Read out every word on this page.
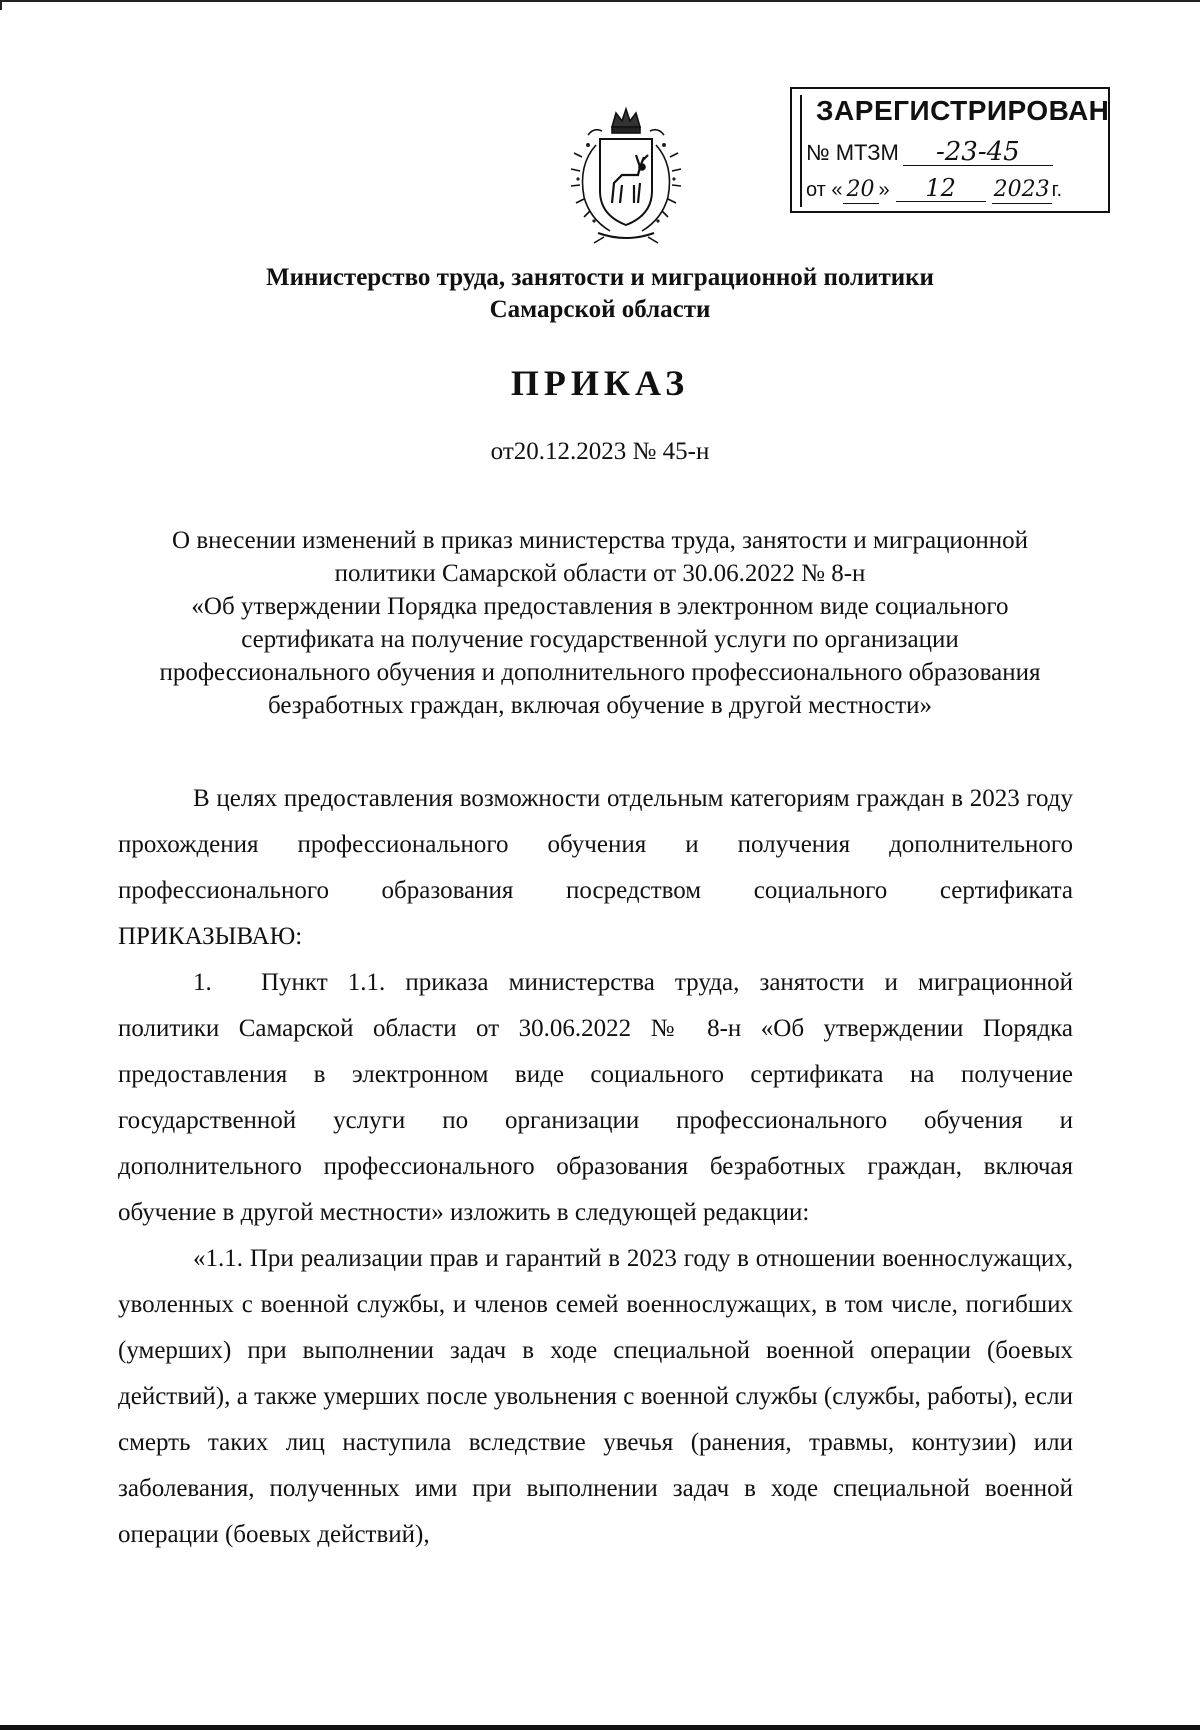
ЗАРЕГИСТРИРОВАН
№ МТЗМ -23-45
от « 20 » 12 2023 г.
Министерство труда, занятости и миграционной политики
Самарской области
ПРИКАЗ
от20.12.2023 № 45-н
О внесении изменений в приказ министерства труда, занятости и миграционной
политики Самарской области от 30.06.2022 № 8-н
«Об утверждении Порядка предоставления в электронном виде социального
сертификата на получение государственной услуги по организации
профессионального обучения и дополнительного профессионального образования
безработных граждан, включая обучение в другой местности»

В целях предоставления возможности отдельным категориям граждан в 2023 году прохождения профессионального обучения и получения дополнительного профессионального образования посредством социального сертификата ПРИКАЗЫВАЮ:

1. Пункт 1.1. приказа министерства труда, занятости и миграционной политики Самарской области от 30.06.2022 № 8-н «Об утверждении Порядка предоставления в электронном виде социального сертификата на получение государственной услуги по организации профессионального обучения и дополнительного профессионального образования безработных граждан, включая обучение в другой местности» изложить в следующей редакции:

«1.1. При реализации прав и гарантий в 2023 году в отношении военнослужащих, уволенных с военной службы, и членов семей военнослужащих, в том числе, погибших (умерших) при выполнении задач в ходе специальной военной операции (боевых действий), а также умерших после увольнения с военной службы (службы, работы), если смерть таких лиц наступила вследствие увечья (ранения, травмы, контузии) или заболевания, полученных ими при выполнении задач в ходе специальной военной операции (боевых действий),
